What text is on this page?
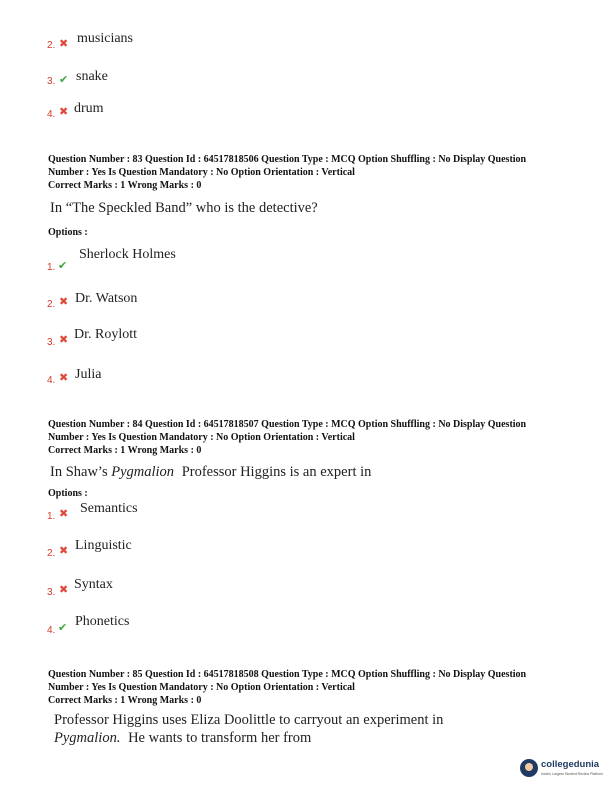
2. ✖ musicians
3. ✔ snake
4. ✖ drum
Question Number : 83 Question Id : 64517818506 Question Type : MCQ Option Shuffling : No Display Question
Number : Yes Is Question Mandatory : No Option Orientation : Vertical
Correct Marks : 1 Wrong Marks : 0
In “The Speckled Band” who is the detective?
Options :
1. ✔
Sherlock Holmes
2. ✖ Dr. Watson
3. ✖ Dr. Roylott
4. ✖ Julia
Question Number : 84 Question Id : 64517818507 Question Type : MCQ Option Shuffling : No Display Question
Number : Yes Is Question Mandatory : No Option Orientation : Vertical
Correct Marks : 1 Wrong Marks : 0
In Shaw’s Pygmalion Professor Higgins is an expert in
Options :
1. ✖ Semantics
2. ✖ Linguistic
3. ✖ Syntax
4. ✔ Phonetics
Question Number : 85 Question Id : 64517818508 Question Type : MCQ Option Shuffling : No Display Question
Number : Yes Is Question Mandatory : No Option Orientation : Vertical
Correct Marks : 1 Wrong Marks : 0
Professor Higgins uses Eliza Doolittle to carryout an experiment in
Pygmalion. He wants to transform her from
collegedunia
India's Largest Student Review Platform
